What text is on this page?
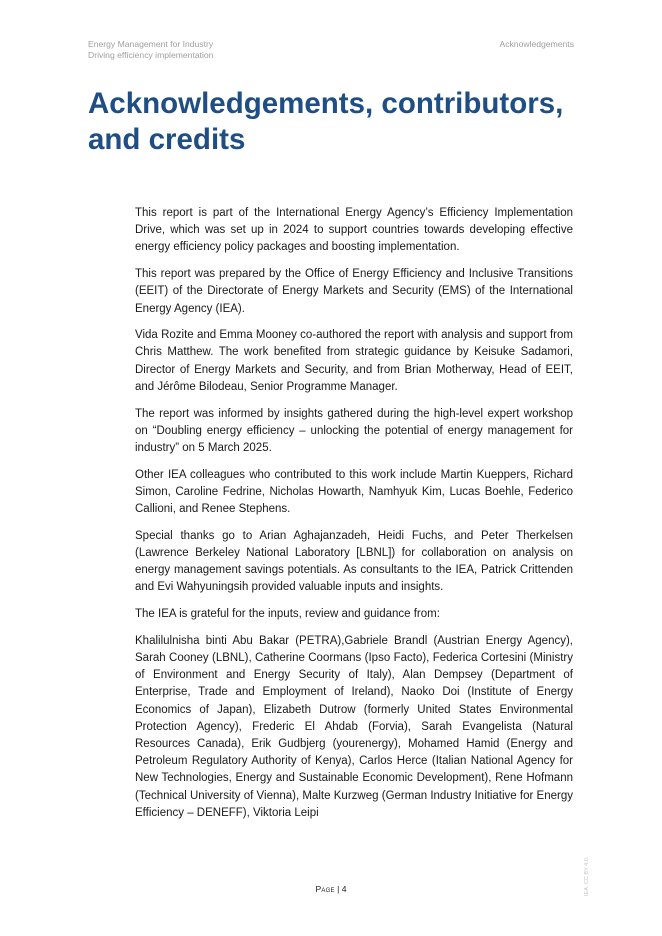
Energy Management for Industry
Driving efficiency implementation
Acknowledgements
Acknowledgements, contributors,
and credits

This report is part of the International Energy Agency’s Efficiency Implementation Drive, which was set up in 2024 to support countries towards developing effective energy efficiency policy packages and boosting implementation.

This report was prepared by the Office of Energy Efficiency and Inclusive Transitions (EEIT) of the Directorate of Energy Markets and Security (EMS) of the International Energy Agency (IEA).

Vida Rozite and Emma Mooney co-authored the report with analysis and support from Chris Matthew. The work benefited from strategic guidance by Keisuke Sadamori, Director of Energy Markets and Security, and from Brian Motherway, Head of EEIT, and Jérôme Bilodeau, Senior Programme Manager.

The report was informed by insights gathered during the high-level expert workshop on “Doubling energy efficiency – unlocking the potential of energy management for industry” on 5 March 2025.

Other IEA colleagues who contributed to this work include Martin Kueppers, Richard Simon, Caroline Fedrine, Nicholas Howarth, Namhyuk Kim, Lucas Boehle, Federico Callioni, and Renee Stephens.

Special thanks go to Arian Aghajanzadeh, Heidi Fuchs, and Peter Therkelsen (Lawrence Berkeley National Laboratory [LBNL]) for collaboration on analysis on energy management savings potentials. As consultants to the IEA, Patrick Crittenden and Evi Wahyuningsih provided valuable inputs and insights.

The IEA is grateful for the inputs, review and guidance from:

Khalilulnisha binti Abu Bakar (PETRA),Gabriele Brandl (Austrian Energy Agency), Sarah Cooney (LBNL), Catherine Coormans (Ipso Facto), Federica Cortesini (Ministry of Environment and Energy Security of Italy), Alan Dempsey (Department of Enterprise, Trade and Employment of Ireland), Naoko Doi (Institute of Energy Economics of Japan), Elizabeth Dutrow (formerly United States Environmental Protection Agency), Frederic El Ahdab (Forvia), Sarah Evangelista (Natural Resources Canada), Erik Gudbjerg (yourenergy), Mohamed Hamid (Energy and Petroleum Regulatory Authority of Kenya), Carlos Herce (Italian National Agency for New Technologies, Energy and Sustainable Economic Development), Rene Hofmann (Technical University of Vienna), Malte Kurzweg (German Industry Initiative for Energy Efficiency – DENEFF), Viktoria Leipi

IEA. CC BY 4.0.
Page | 4
